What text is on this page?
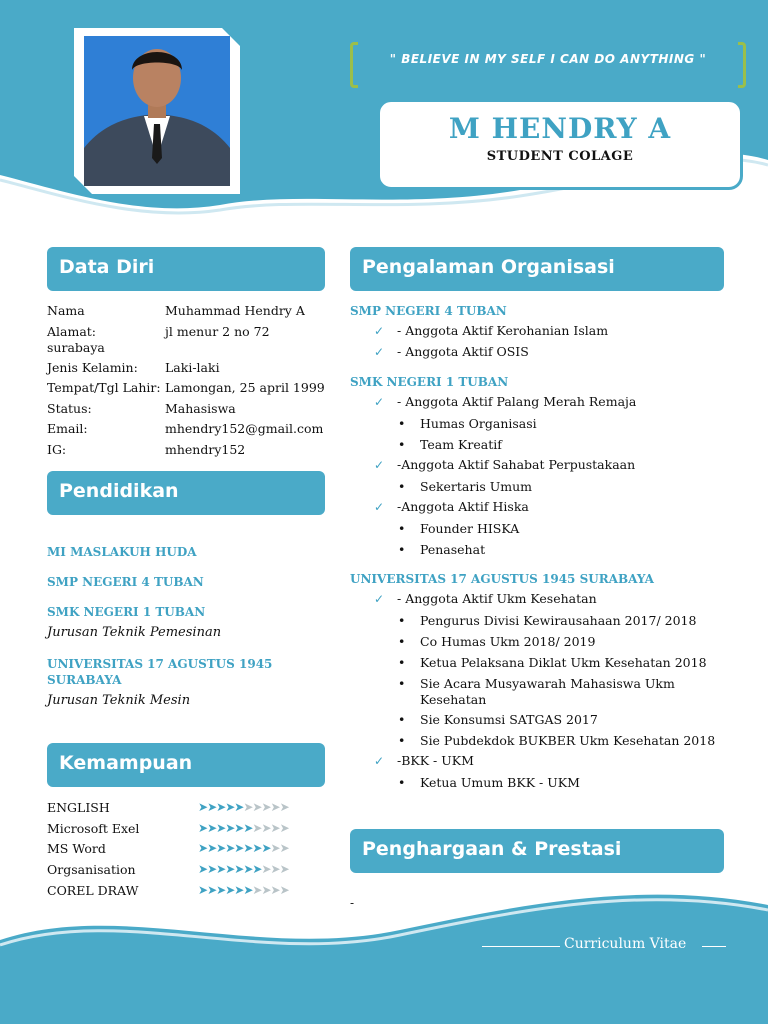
" BELIEVE IN MY SELF I CAN DO ANYTHING "
M HENDRY A
STUDENT COLAGE
Data Diri
Pendidikan
Kemampuan
Pengalaman Organisasi
Penghargaan & Prestasi
Nama	Muhammad Hendry A
Alamat:	jl menur 2 no 72
surabaya
Jenis Kelamin: Laki-laki
Tempat/Tgl Lahir: Lamongan, 25 april 1999
Status:	Mahasiswa
Email:	mhendry152@gmail.com
IG:	mhendry152
MI MASLAKUH HUDA
SMP NEGERI 4 TUBAN
SMK NEGERI 1 TUBAN
Jurusan Teknik Pemesinan
UNIVERSITAS 17 AGUSTUS 1945 SURABAYA
Jurusan Teknik Mesin
ENGLISH	➤➤➤➤➤➤➤➤➤➤
Microsoft Exel	➤➤➤➤➤➤➤➤➤➤
MS Word	➤➤➤➤➤➤➤➤➤➤
Orgsanisation	➤➤➤➤➤➤➤➤➤➤
COREL DRAW	➤➤➤➤➤➤➤➤➤➤
SMP NEGERI 4 TUBAN
✓ - Anggota Aktif Kerohanian Islam
✓ - Anggota Aktif OSIS
SMK NEGERI 1 TUBAN
✓ - Anggota Aktif Palang Merah Remaja
• Humas Organisasi
• Team Kreatif
✓ -Anggota Aktif Sahabat Perpustakaan
• Sekertaris Umum
✓ -Anggota Aktif Hiska
• Founder HISKA
• Penasehat
UNIVERSITAS 17 AGUSTUS 1945 SURABAYA
✓ - Anggota Aktif Ukm Kesehatan
• Pengurus Divisi Kewirausahaan 2017/ 2018
• Co Humas Ukm 2018/ 2019
• Ketua Pelaksana Diklat Ukm Kesehatan 2018
• Sie Acara Musyawarah Mahasiswa Ukm Kesehatan
• Sie Konsumsi SATGAS 2017
• Sie Pubdekdok BUKBER Ukm Kesehatan 2018
✓ -BKK - UKM
• Ketua Umum BKK - UKM
-
Curriculum Vitae
